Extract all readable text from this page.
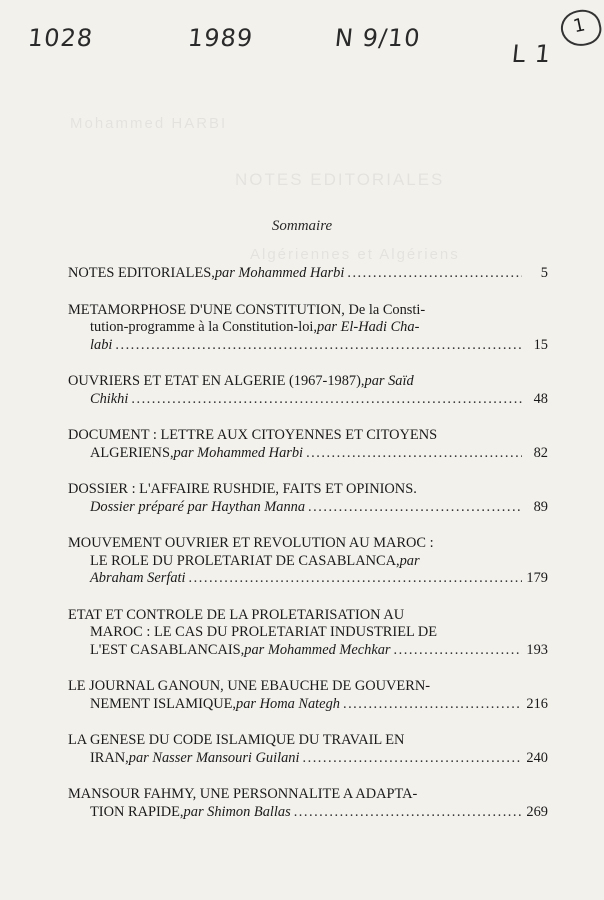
1028	1989	N 9/10
L 1
1
Mohammed HARBI
NOTES EDITORIALES
Algériennes et Algériens
Sommaire
NOTES EDITORIALES, par Mohammed Harbi .....	5
METAMORPHOSE D'UNE CONSTITUTION, De la Consti-
tution-programme à la Constitution-loi, par El-Hadi Cha-
labi .....	15
OUVRIERS ET ETAT EN ALGERIE (1967-1987), par Saïd
Chikhi .....	48
DOCUMENT : LETTRE AUX CITOYENNES ET CITOYENS
ALGERIENS, par Mohammed Harbi .....	82
DOSSIER : L'AFFAIRE RUSHDIE, FAITS ET OPINIONS.
Dossier préparé par Haythan Manna .....	89
MOUVEMENT OUVRIER ET REVOLUTION AU MAROC :
LE ROLE DU PROLETARIAT DE CASABLANCA, par
Abraham Serfati .....	179
ETAT ET CONTROLE DE LA PROLETARISATION AU
MAROC : LE CAS DU PROLETARIAT INDUSTRIEL DE
L'EST CASABLANCAIS, par Mohammed Mechkar .....	193
LE JOURNAL GANOUN, UNE EBAUCHE DE GOUVERN-
NEMENT ISLAMIQUE, par Homa Nategh .....	216
LA GENESE DU CODE ISLAMIQUE DU TRAVAIL EN
IRAN, par Nasser Mansouri Guilani .....	240
MANSOUR FAHMY, UNE PERSONNALITE A ADAPTA-
TION RAPIDE, par Shimon Ballas .....	269
